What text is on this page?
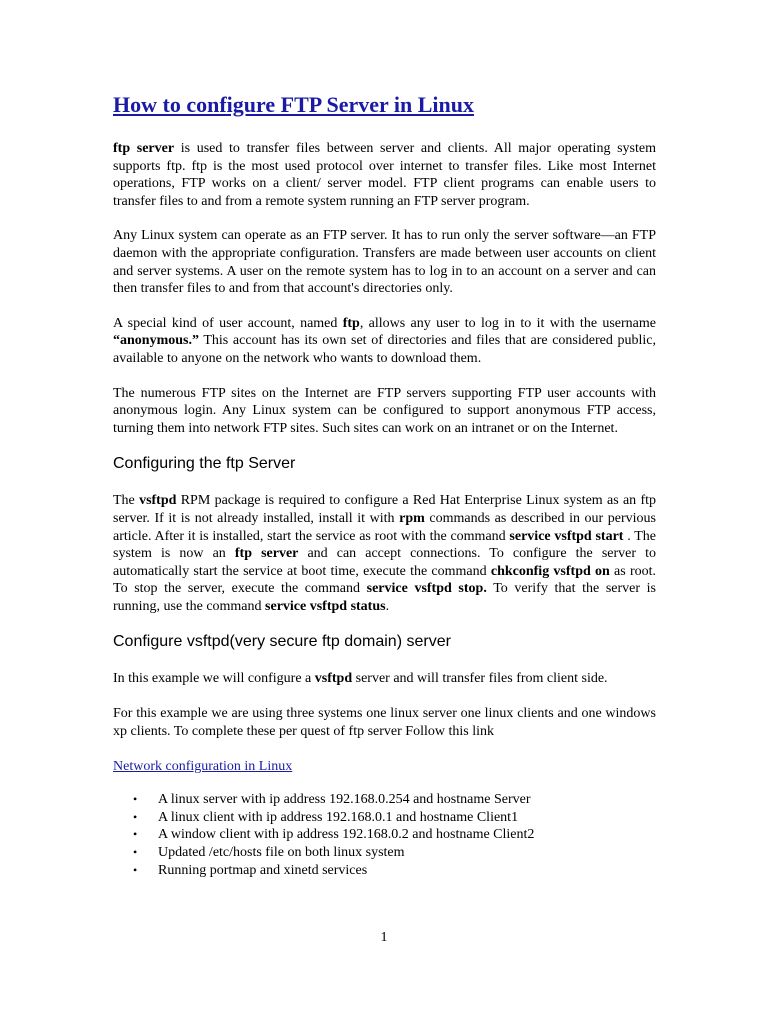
How to configure FTP Server in Linux

ftp server is used to transfer files between server and clients. All major operating system supports ftp. ftp is the most used protocol over internet to transfer files. Like most Internet operations, FTP works on a client/ server model. FTP client programs can enable users to transfer files to and from a remote system running an FTP server program.

Any Linux system can operate as an FTP server. It has to run only the server software—an FTP daemon with the appropriate configuration. Transfers are made between user accounts on client and server systems. A user on the remote system has to log in to an account on a server and can then transfer files to and from that account's directories only.

A special kind of user account, named ftp, allows any user to log in to it with the username “anonymous.” This account has its own set of directories and files that are considered public, available to anyone on the network who wants to download them.

The numerous FTP sites on the Internet are FTP servers supporting FTP user accounts with anonymous login. Any Linux system can be configured to support anonymous FTP access, turning them into network FTP sites. Such sites can work on an intranet or on the Internet.

Configuring the ftp Server

The vsftpd RPM package is required to configure a Red Hat Enterprise Linux system as an ftp server. If it is not already installed, install it with rpm commands as described in our pervious article. After it is installed, start the service as root with the command service vsftpd start . The system is now an ftp server and can accept connections. To configure the server to automatically start the service at boot time, execute the command chkconfig vsftpd on as root. To stop the server, execute the command service vsftpd stop. To verify that the server is running, use the command service vsftpd status.

Configure vsftpd(very secure ftp domain) server

In this example we will configure a vsftpd server and will transfer files from client side.

For this example we are using three systems one linux server one linux clients and one windows xp clients. To complete these per quest of ftp server Follow this link

Network configuration in Linux
• A linux server with ip address 192.168.0.254 and hostname Server
• A linux client with ip address 192.168.0.1 and hostname Client1
• A window client with ip address 192.168.0.2 and hostname Client2
• Updated /etc/hosts file on both linux system
• Running portmap and xinetd services
1
